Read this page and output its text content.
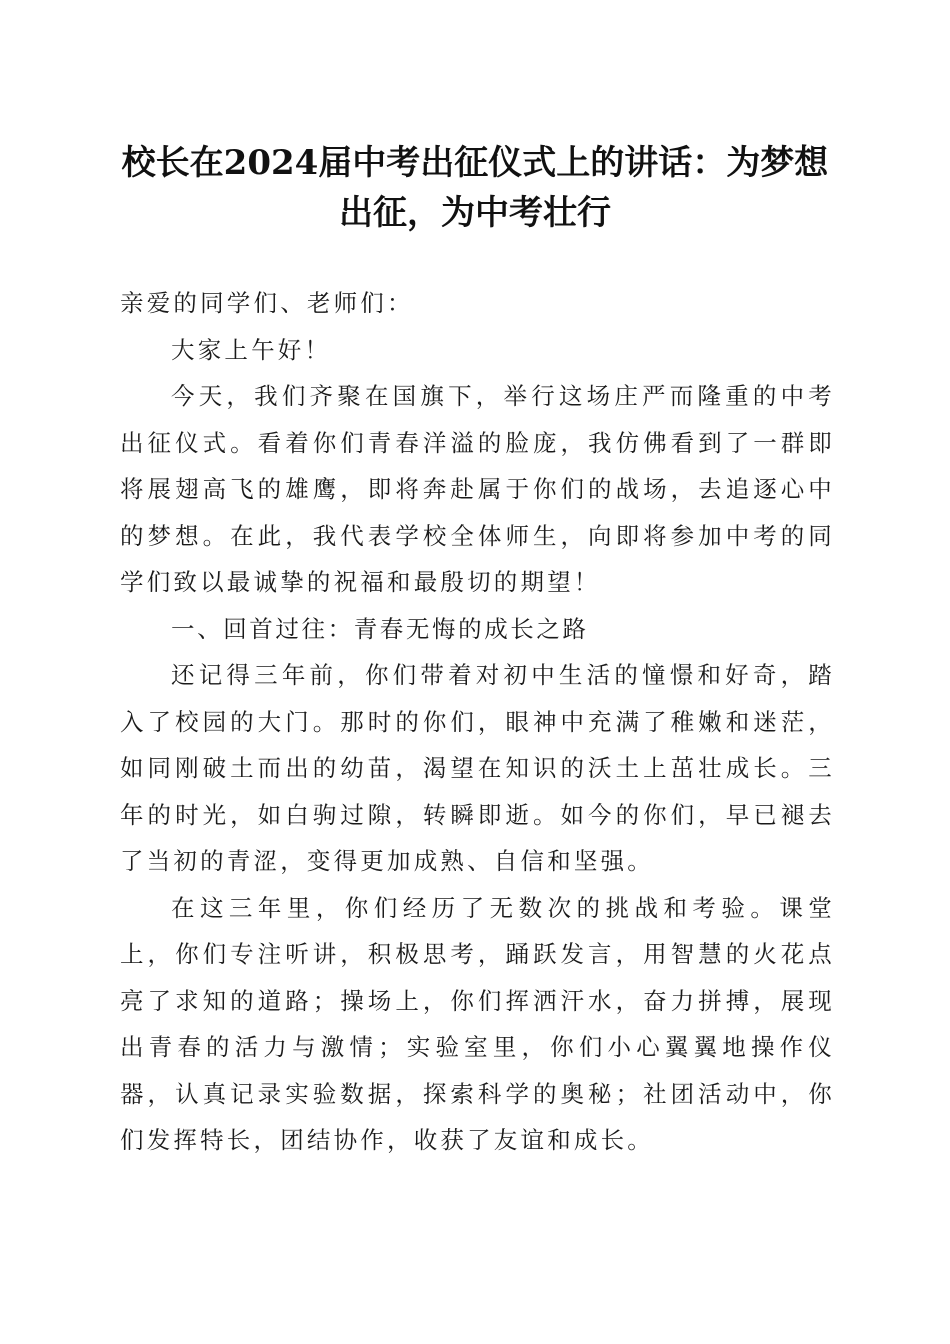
校长在2024届中考出征仪式上的讲话：为梦想出征，为中考壮行

亲爱的同学们、老师们：

大家上午好！

今天，我们齐聚在国旗下，举行这场庄严而隆重的中考出征仪式。看着你们青春洋溢的脸庞，我仿佛看到了一群即将展翅高飞的雄鹰，即将奔赴属于你们的战场，去追逐心中的梦想。在此，我代表学校全体师生，向即将参加中考的同学们致以最诚挚的祝福和最殷切的期望！

一、回首过往：青春无悔的成长之路

还记得三年前，你们带着对初中生活的憧憬和好奇，踏入了校园的大门。那时的你们，眼神中充满了稚嫩和迷茫，如同刚破土而出的幼苗，渴望在知识的沃土上茁壮成长。三年的时光，如白驹过隙，转瞬即逝。如今的你们，早已褪去了当初的青涩，变得更加成熟、自信和坚强。

在这三年里，你们经历了无数次的挑战和考验。课堂上，你们专注听讲，积极思考，踊跃发言，用智慧的火花点亮了求知的道路；操场上，你们挥洒汗水，奋力拼搏，展现出青春的活力与激情；实验室里，你们小心翼翼地操作仪器，认真记录实验数据，探索科学的奥秘；社团活动中，你们发挥特长，团结协作，收获了友谊和成长。
